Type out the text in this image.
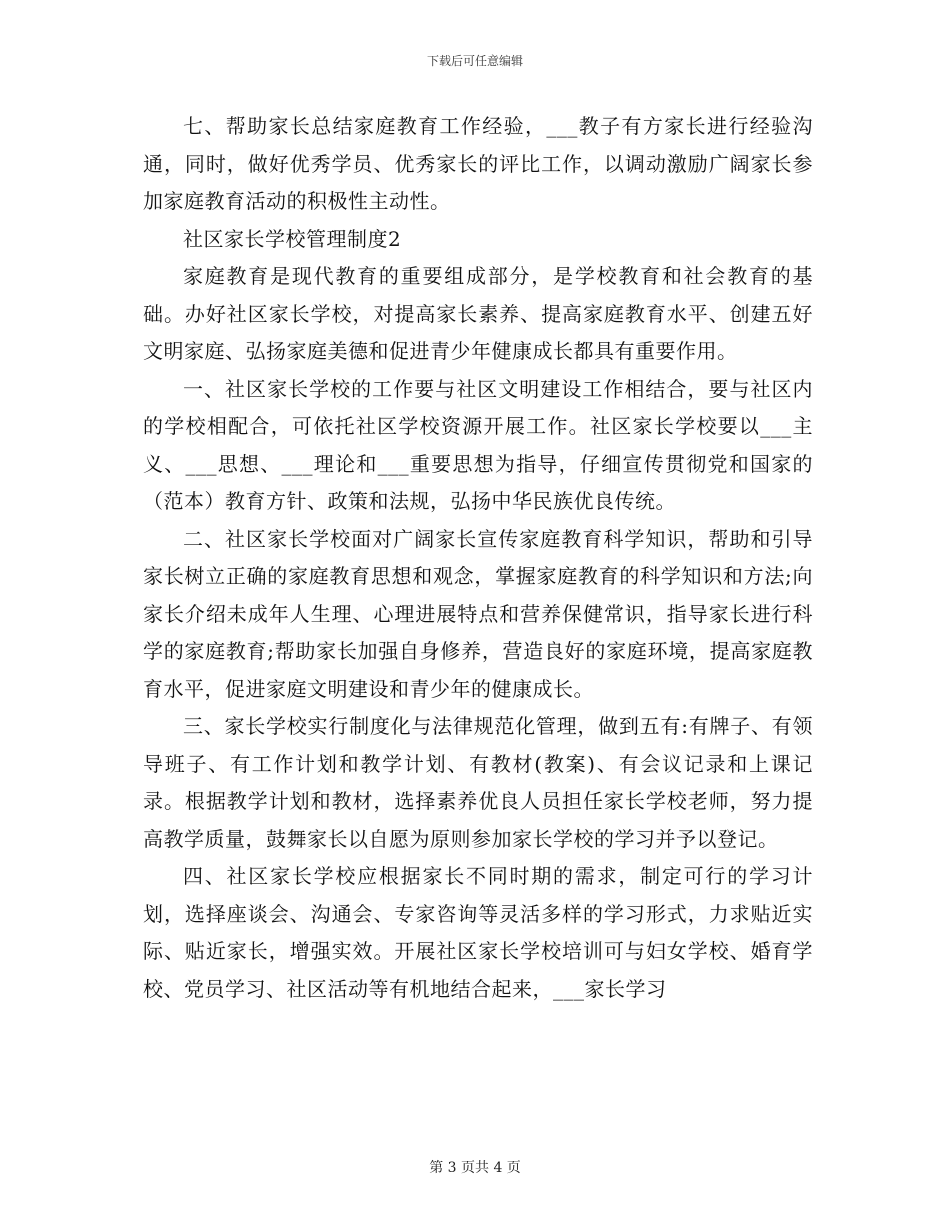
下载后可任意编辑

七、帮助家长总结家庭教育工作经验，___教子有方家长进行经验沟通，同时，做好优秀学员、优秀家长的评比工作，以调动激励广阔家长参加家庭教育活动的积极性主动性。

社区家长学校管理制度2

家庭教育是现代教育的重要组成部分，是学校教育和社会教育的基础。办好社区家长学校，对提高家长素养、提高家庭教育水平、创建五好文明家庭、弘扬家庭美德和促进青少年健康成长都具有重要作用。

一、社区家长学校的工作要与社区文明建设工作相结合，要与社区内的学校相配合，可依托社区学校资源开展工作。社区家长学校要以___主义、___思想、___理论和___重要思想为指导，仔细宣传贯彻党和国家的（范本）教育方针、政策和法规，弘扬中华民族优良传统。

二、社区家长学校面对广阔家长宣传家庭教育科学知识，帮助和引导家长树立正确的家庭教育思想和观念，掌握家庭教育的科学知识和方法;向家长介绍未成年人生理、心理进展特点和营养保健常识，指导家长进行科学的家庭教育;帮助家长加强自身修养，营造良好的家庭环境，提高家庭教育水平，促进家庭文明建设和青少年的健康成长。

三、家长学校实行制度化与法律规范化管理，做到五有:有牌子、有领导班子、有工作计划和教学计划、有教材(教案)、有会议记录和上课记录。根据教学计划和教材，选择素养优良人员担任家长学校老师，努力提高教学质量，鼓舞家长以自愿为原则参加家长学校的学习并予以登记。

四、社区家长学校应根据家长不同时期的需求，制定可行的学习计划，选择座谈会、沟通会、专家咨询等灵活多样的学习形式，力求贴近实际、贴近家长，增强实效。开展社区家长学校培训可与妇女学校、婚育学校、党员学习、社区活动等有机地结合起来，___家长学习

第 3 页共 4 页
